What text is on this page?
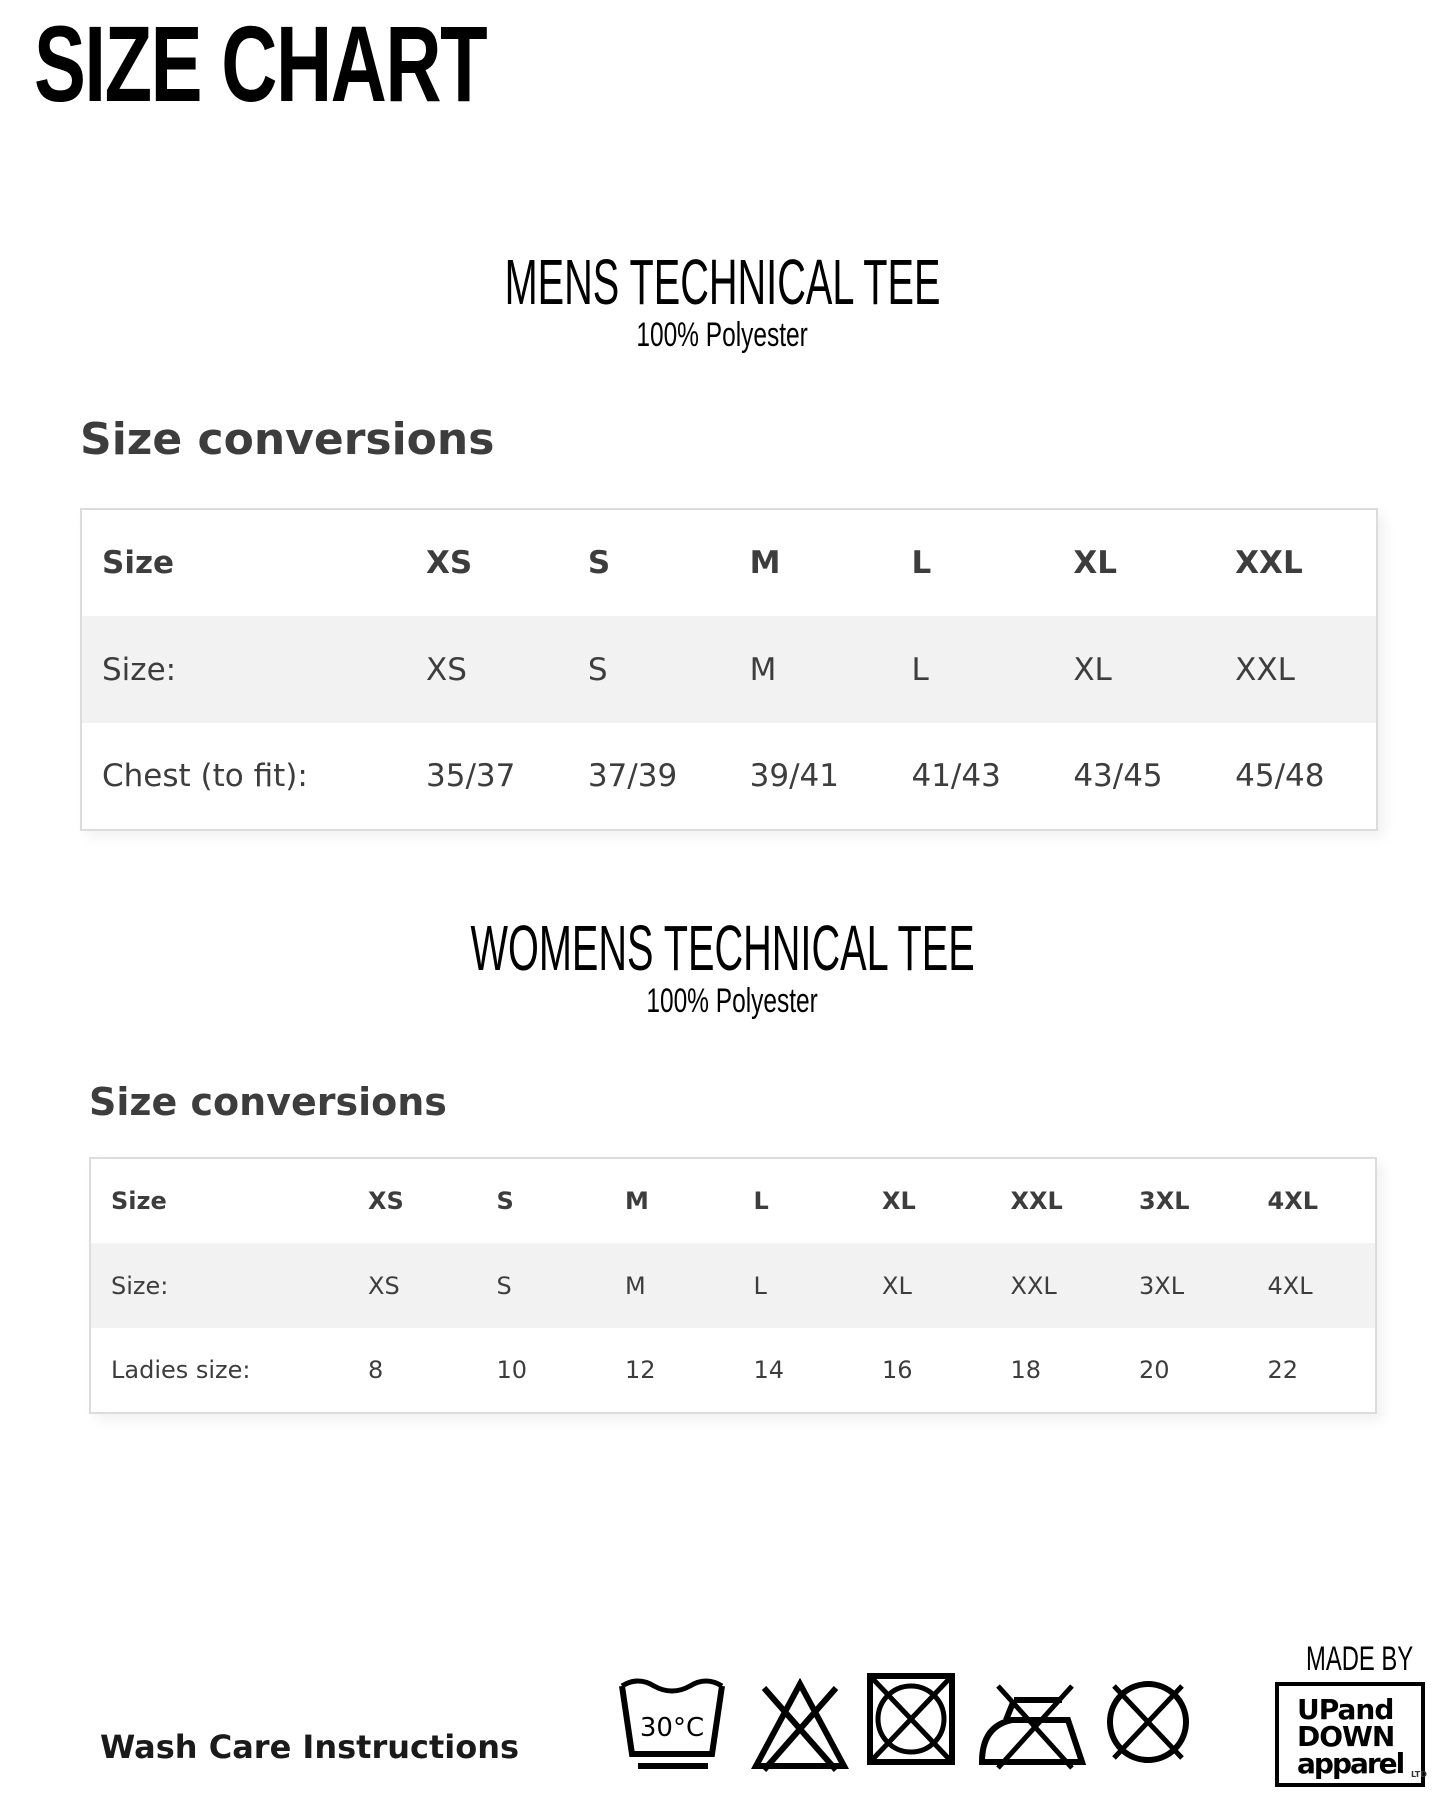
SIZE CHART
MENS TECHNICAL TEE

100% Polyester

Size conversions
Size	XS	S	M	L	XL	XXL
Size:	XS	S	M	L	XL	XXL
Chest (to fit):	35/37	37/39	39/41	41/43	43/45	45/48
WOMENS TECHNICAL TEE

100% Polyester

Size conversions
Size	XS	S	M	L	XL	XXL	3XL	4XL
Size:	XS	S	M	L	XL	XXL	3XL	4XL
Ladies size:	8	10	12	14	16	18	20	22

Wash Care Instructions	30°C

MADE BY

UPand
DOWN
apparel LTD
